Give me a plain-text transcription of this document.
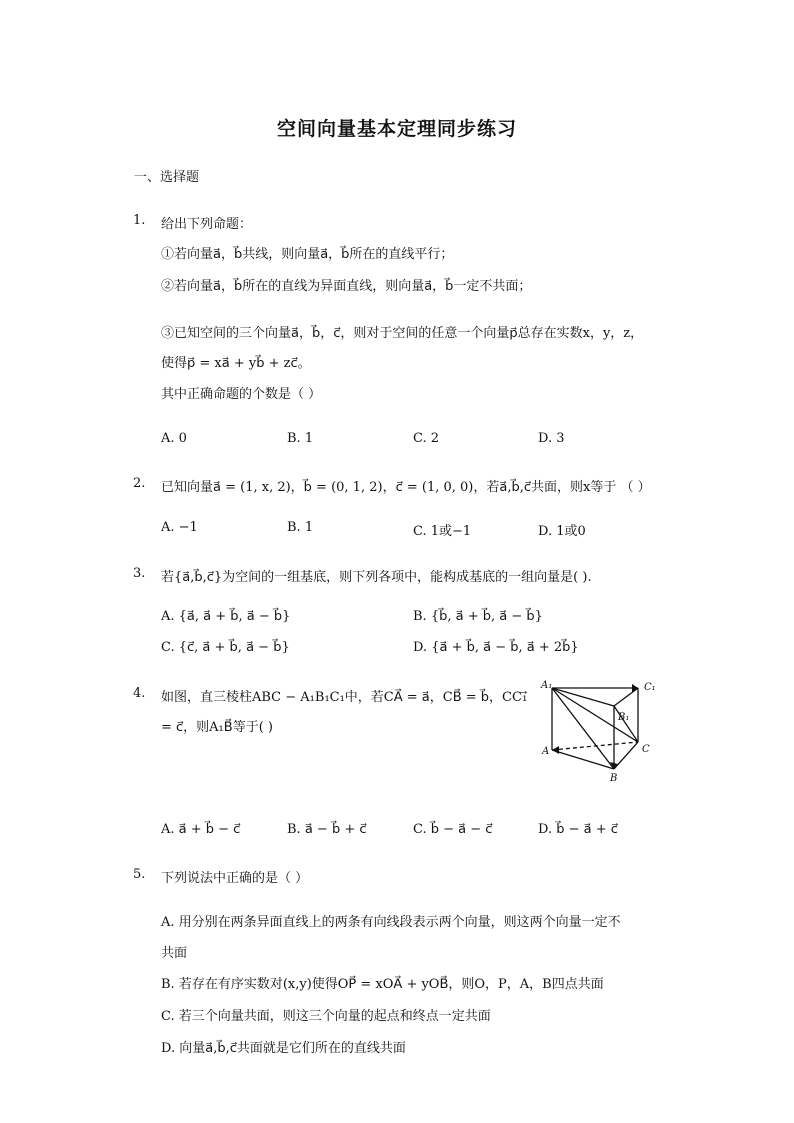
空间向量基本定理同步练习
一、选择题
1. 给出下列命题：
①若向量a⃗，b⃗共线，则向量a⃗，b⃗所在的直线平行；
②若向量a⃗，b⃗所在的直线为异面直线，则向量a⃗，b⃗一定不共面；
③已知空间的三个向量a⃗，b⃗，c⃗，则对于空间的任意一个向量p⃗总存在实数x，y，z，
使得p⃗ = xa⃗ + yb⃗ + zc⃗。
其中正确命题的个数是（ ）
A. 0	B. 1	C. 2	D. 3
2. 已知向量a⃗ = (1, x, 2)，b⃗ = (0, 1, 2)，c⃗ = (1, 0, 0)，若a⃗,b⃗,c⃗共面，则x等于 （ ）
A. −1	B. 1	C. 1或−1	D. 1或0
3. 若{a⃗,b⃗,c⃗}为空间的一组基底，则下列各项中，能构成基底的一组向量是( ).
A. {a⃗, a⃗ + b⃗, a⃗ − b⃗}	B. {b⃗, a⃗ + b⃗, a⃗ − b⃗}
C. {c⃗, a⃗ + b⃗, a⃗ − b⃗}	D. {a⃗ + b⃗, a⃗ − b⃗, a⃗ + 2b⃗}
4. 如图，直三棱柱ABC − A₁B₁C₁中，若CA⃗ = a⃗，CB⃗ = b⃗，CC₁⃗
= c⃗，则A₁B⃗等于( )
A₁	C₁
B₁
A	C
B
A. a⃗ + b⃗ − c⃗	B. a⃗ − b⃗ + c⃗	C. b⃗ − a⃗ − c⃗	D. b⃗ − a⃗ + c⃗
5. 下列说法中正确的是（ ）
A. 用分别在两条异面直线上的两条有向线段表示两个向量，则这两个向量一定不
共面
B. 若存在有序实数对(x,y)使得OP⃗ = xOA⃗ + yOB⃗，则O，P，A，B四点共面
C. 若三个向量共面，则这三个向量的起点和终点一定共面
D. 向量a⃗,b⃗,c⃗共面就是它们所在的直线共面
